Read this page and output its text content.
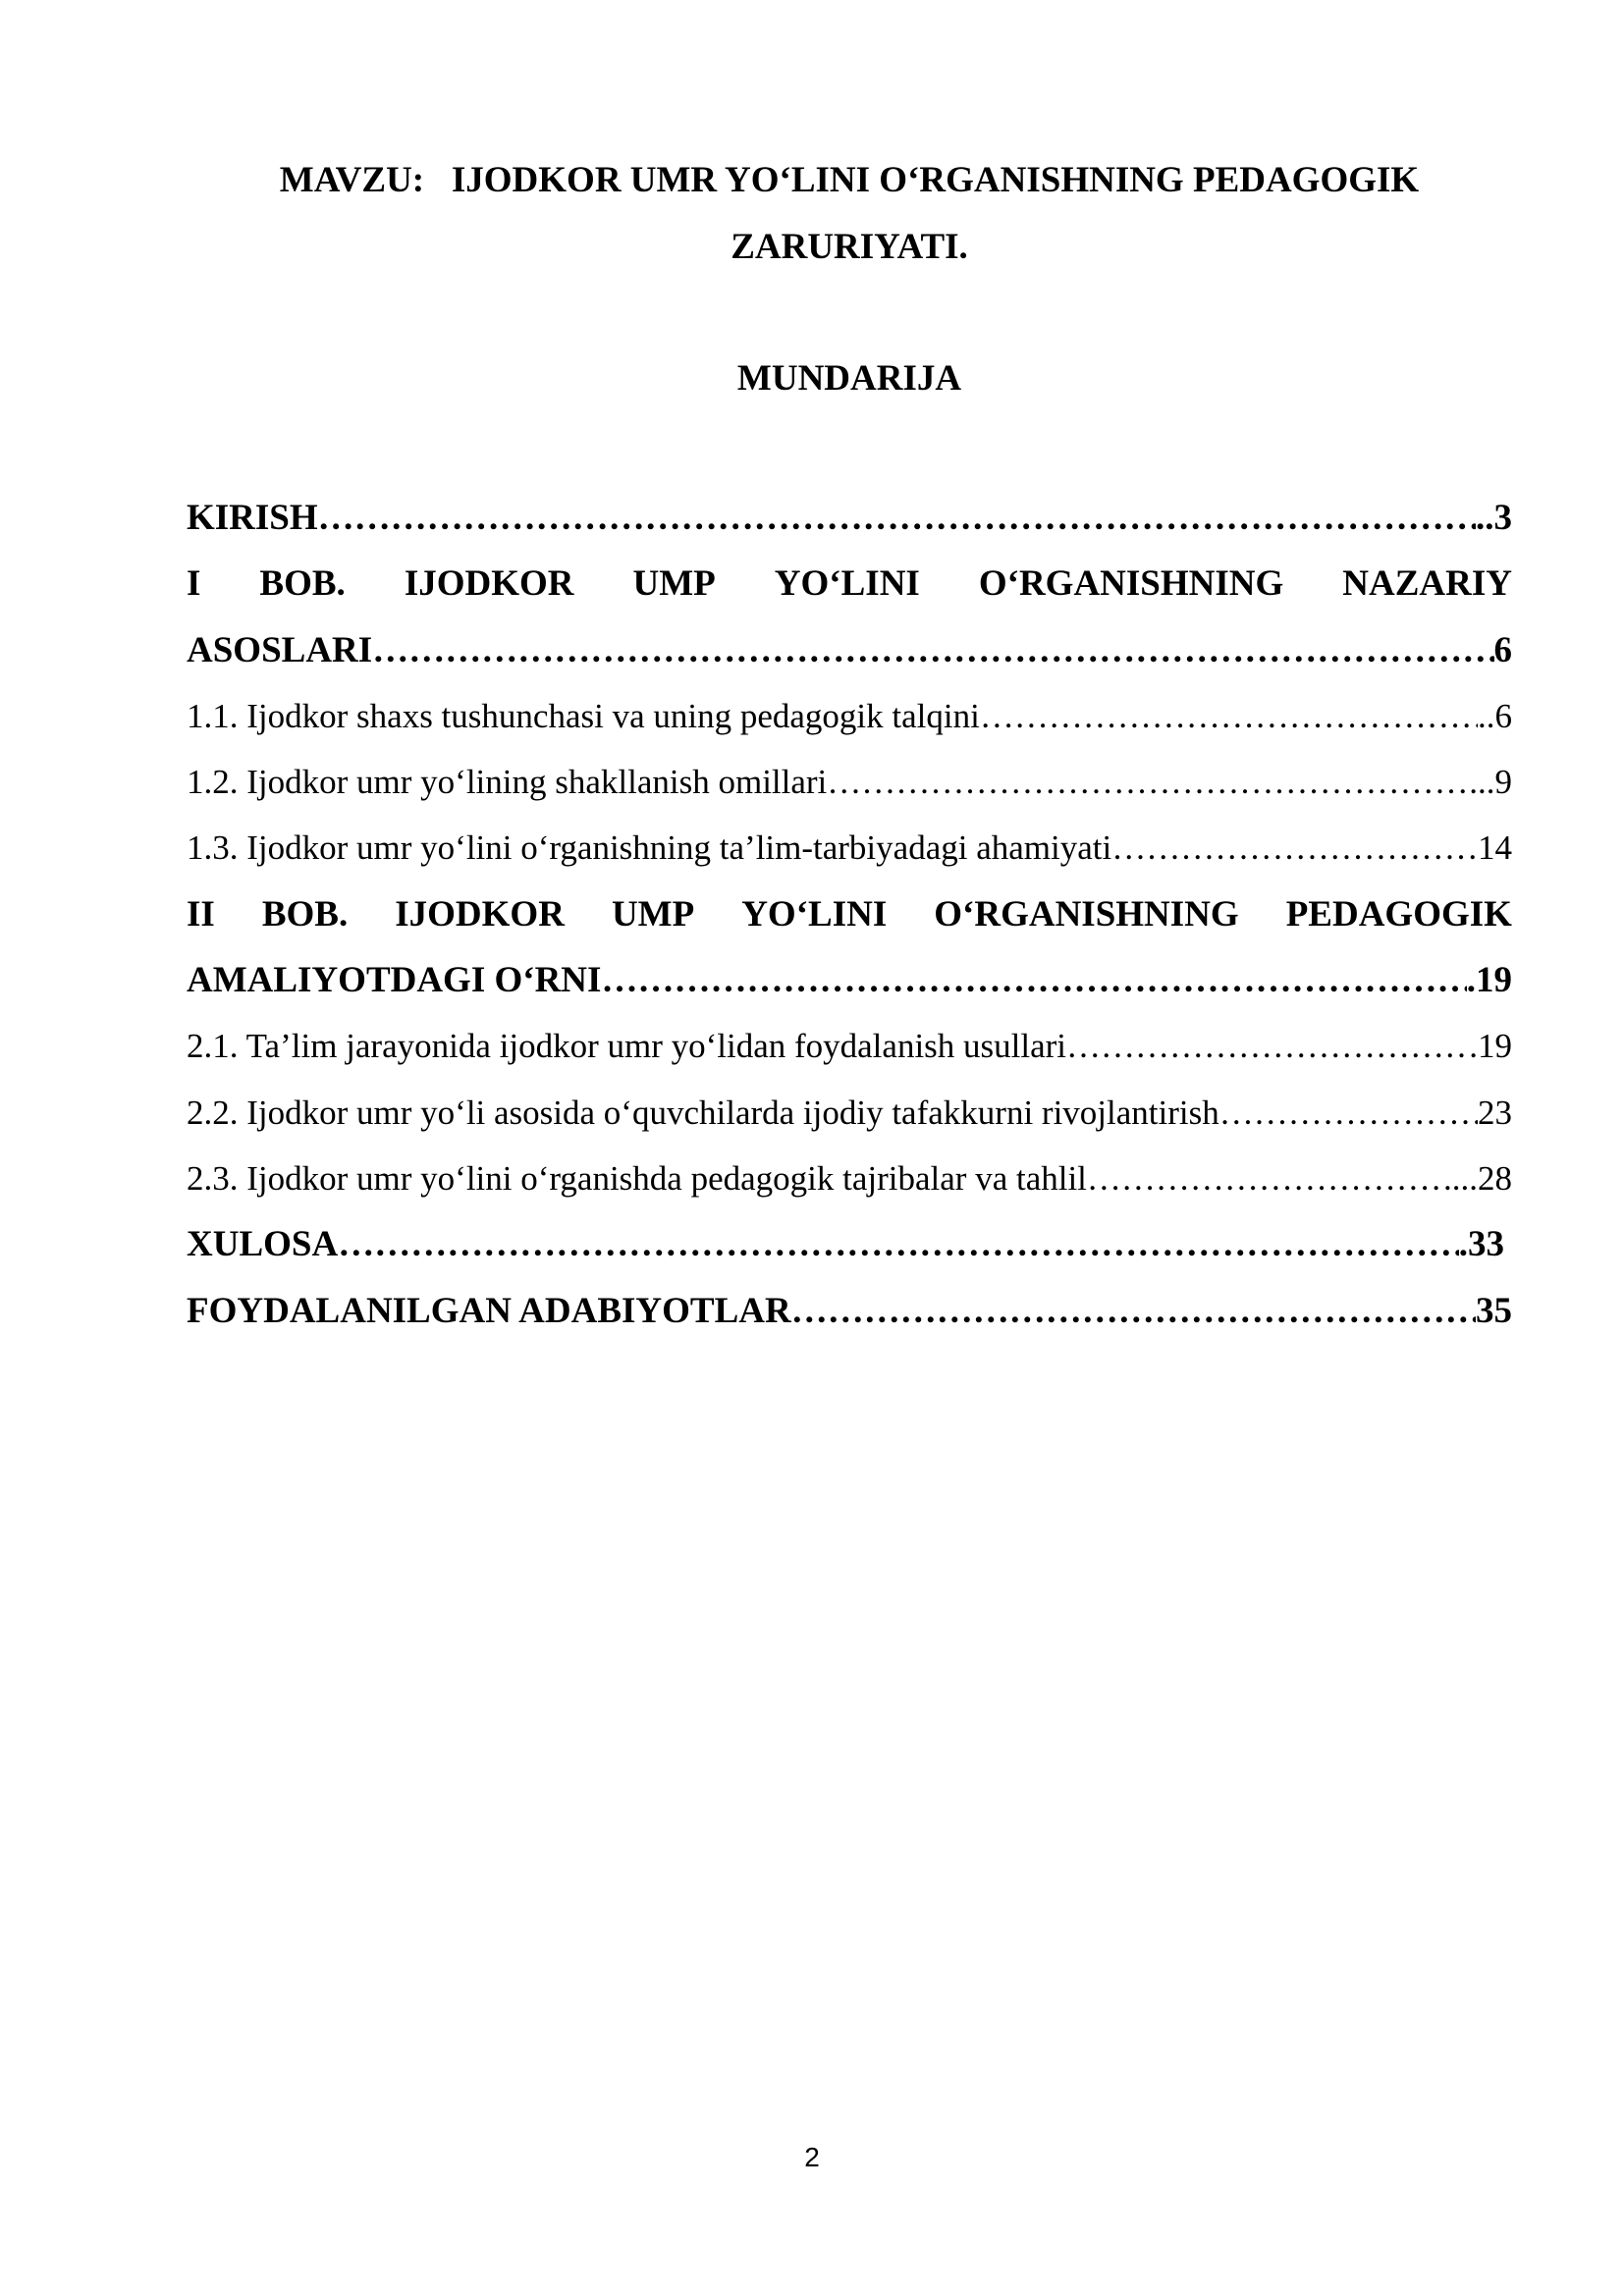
MAVZU:   IJODKOR UMR YO‘LINI O‘RGANISHNING PEDAGOGIK
ZARURIYATI.
MUNDARIJA
KIRISH ……………………………………………………………………………………………………………………………………………………………………………………………………	..3
I BOB. IJODKOR UMP YO‘LINI O‘RGANISHNING NAZARIY
ASOSLARI ……………………………………………………………………………………………………………………………………………………………………………………………………	6
1.1. Ijodkor shaxs tushunchasi va uning pedagogik talqini ……………………………………………………………………………………………………………………………………………………………………………………………………	..6
1.2. Ijodkor umr yo‘lining shakllanish omillari ……………………………………………………………………………………………………………………………………………………………………………………………………	...9
1.3. Ijodkor umr yo‘lini o‘rganishning ta’lim-tarbiyadagi ahamiyati ……………………………………………………………………………………………………………………………………………………………………………………………………	14
II BOB. IJODKOR UMP YO‘LINI O‘RGANISHNING PEDAGOGIK
AMALIYOTDAGI O‘RNI ……………………………………………………………………………………………………………………………………………………………………………………………………	.19
2.1. Ta’lim jarayonida ijodkor umr yo‘lidan foydalanish usullari ……………………………………………………………………………………………………………………………………………………………………………………………………	.19
2.2. Ijodkor umr yo‘li asosida o‘quvchilarda ijodiy tafakkurni rivojlantirish ……………………………………………………………………………………………………………………………………………………………………………………………………	23
2.3. Ijodkor umr yo‘lini o‘rganishda pedagogik tajribalar va tahlil ……………………………………………………………………………………………………………………………………………………………………………………………………	...28
XULOSA ……………………………………………………………………………………………………………………………………………………………………………………………………	.33
FOYDALANILGAN ADABIYOTLAR ……………………………………………………………………………………………………………………………………………………………………………………………………	35
2
